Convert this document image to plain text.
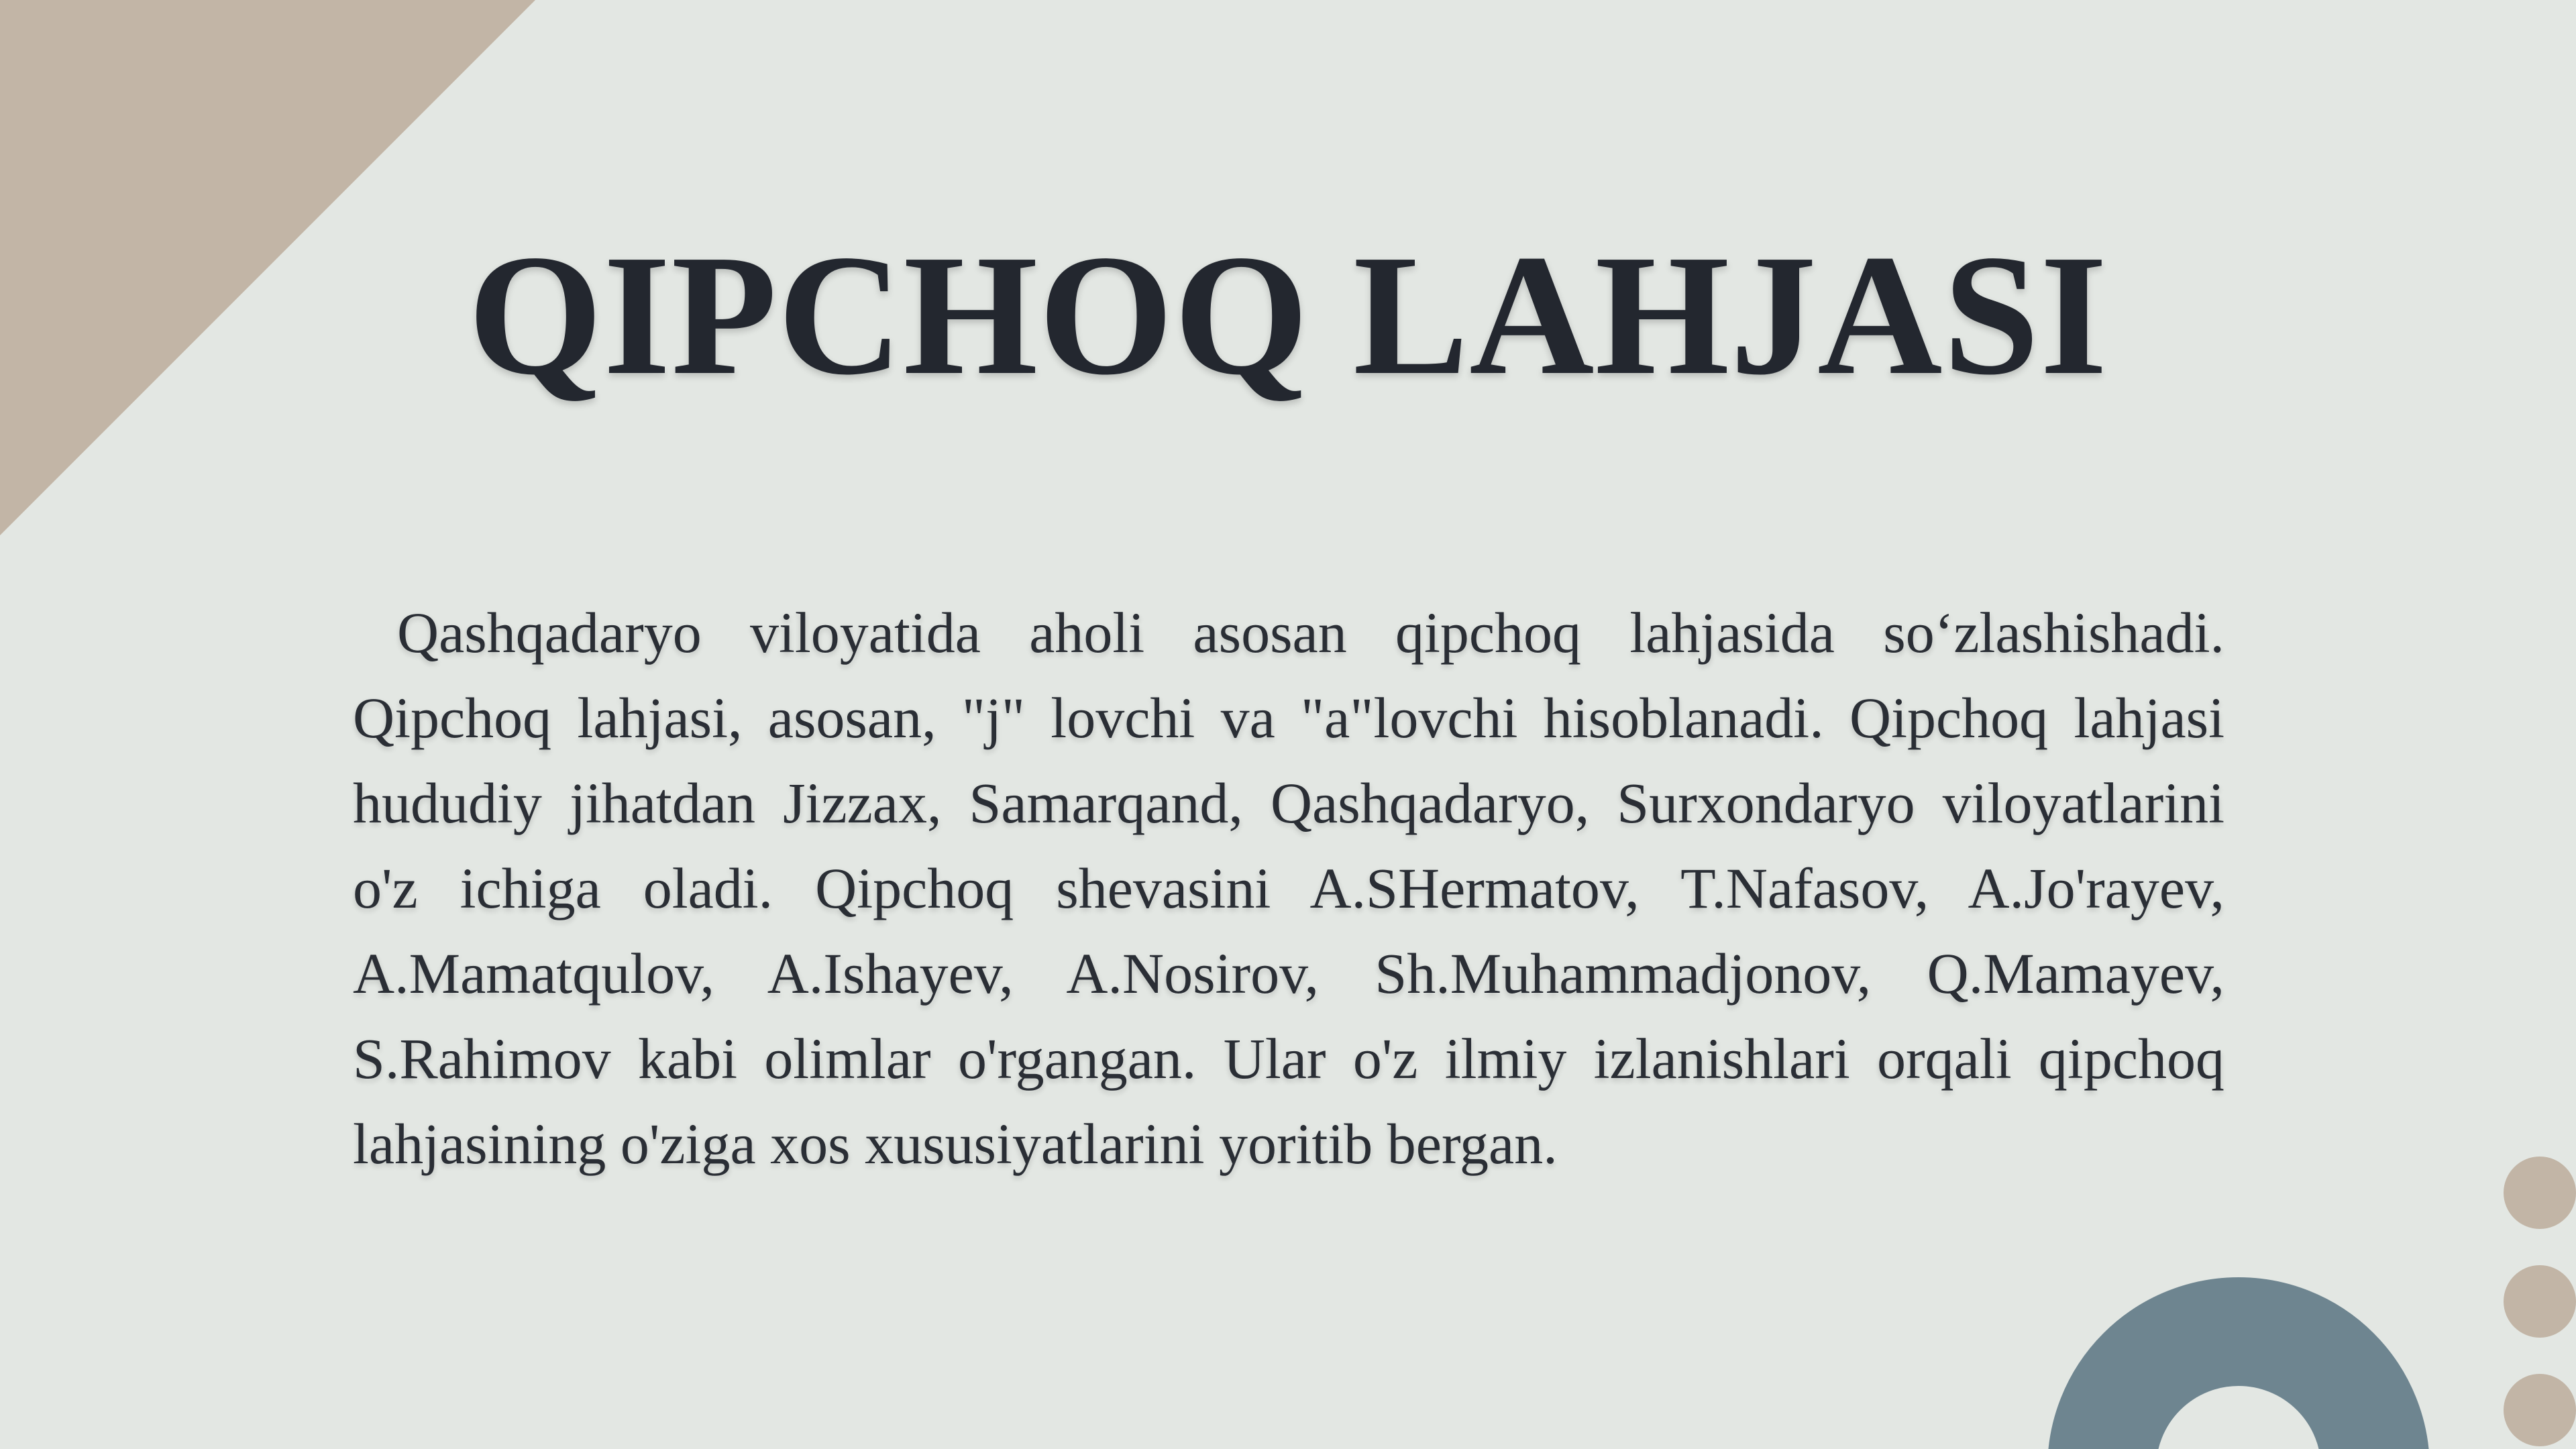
QIPCHOQ LAHJASI

Qashqadaryo viloyatida aholi asosan qipchoq lahjasida so‘zlashishadi. Qipchoq lahjasi, asosan, "j" lovchi va "a"lovchi hisoblanadi. Qipchoq lahjasi hududiy jihatdan Jizzax, Samarqand, Qashqadaryo, Surxondaryo viloyatlarini o'z ichiga oladi. Qipchoq shevasini A.SHermatov, T.Nafasov, A.Jo'rayev, A.Mamatqulov, A.Ishayev, A.Nosirov, Sh.Muhammadjonov, Q.Mamayev, S.Rahimov kabi olimlar o'rgangan. Ular o'z ilmiy izlanishlari orqali qipchoq lahjasining o'ziga xos xususiyatlarini yoritib bergan.
